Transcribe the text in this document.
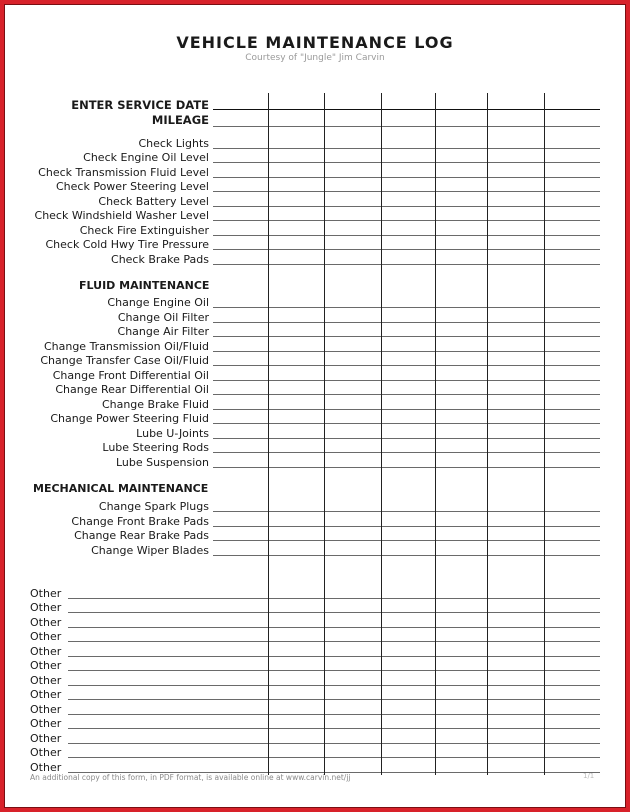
VEHICLE MAINTENANCE LOG
Courtesy of "Jungle" Jim Carvin
ENTER SERVICE DATE
MILEAGE
Check Lights
Check Engine Oil Level
Check Transmission Fluid Level
Check Power Steering Level
Check Battery Level
Check Windshield Washer Level
Check Fire Extinguisher
Check Cold Hwy Tire Pressure
Check Brake Pads
FLUID MAINTENANCE
Change Engine Oil
Change Oil Filter
Change Air Filter
Change Transmission Oil/Fluid
Change Transfer Case Oil/Fluid
Change Front Differential Oil
Change Rear Differential Oil
Change Brake Fluid
Change Power Steering Fluid
Lube U-Joints
Lube Steering Rods
Lube Suspension
MECHANICAL MAINTENANCE
Change Spark Plugs
Change Front Brake Pads
Change Rear Brake Pads
Change Wiper Blades
Other
Other
Other
Other
Other
Other
Other
Other
Other
Other
Other
Other
Other
An additional copy of this form, in PDF format, is available online at www.carvin.net/jj	1/1
